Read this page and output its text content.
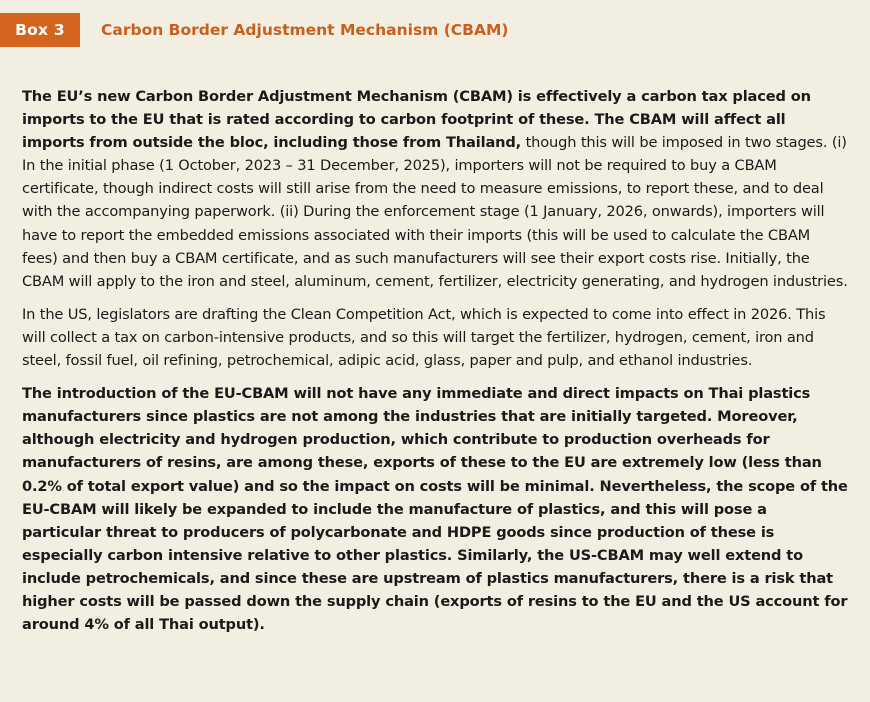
Box 3	Carbon Border Adjustment Mechanism (CBAM)

The EU’s new Carbon Border Adjustment Mechanism (CBAM) is effectively a carbon tax placed on imports to the EU that is rated according to carbon footprint of these. The CBAM will affect all imports from outside the bloc, including those from Thailand, though this will be imposed in two stages. (i) In the initial phase (1 October, 2023 – 31 December, 2025), importers will not be required to buy a CBAM certificate, though indirect costs will still arise from the need to measure emissions, to report these, and to deal with the accompanying paperwork. (ii) During the enforcement stage (1 January, 2026, onwards), importers will have to report the embedded emissions associated with their imports (this will be used to calculate the CBAM fees) and then buy a CBAM certificate, and as such manufacturers will see their export costs rise. Initially, the CBAM will apply to the iron and steel, aluminum, cement, fertilizer, electricity generating, and hydrogen industries.

In the US, legislators are drafting the Clean Competition Act, which is expected to come into effect in 2026. This will collect a tax on carbon-intensive products, and so this will target the fertilizer, hydrogen, cement, iron and steel, fossil fuel, oil refining, petrochemical, adipic acid, glass, paper and pulp, and ethanol industries.

The introduction of the EU-CBAM will not have any immediate and direct impacts on Thai plastics manufacturers since plastics are not among the industries that are initially targeted. Moreover, although electricity and hydrogen production, which contribute to production overheads for manufacturers of resins, are among these, exports of these to the EU are extremely low (less than 0.2% of total export value) and so the impact on costs will be minimal. Nevertheless, the scope of the EU-CBAM will likely be expanded to include the manufacture of plastics, and this will pose a particular threat to producers of polycarbonate and HDPE goods since production of these is especially carbon intensive relative to other plastics. Similarly, the US-CBAM may well extend to include petrochemicals, and since these are upstream of plastics manufacturers, there is a risk that higher costs will be passed down the supply chain (exports of resins to the EU and the US account for around 4% of all Thai output).
